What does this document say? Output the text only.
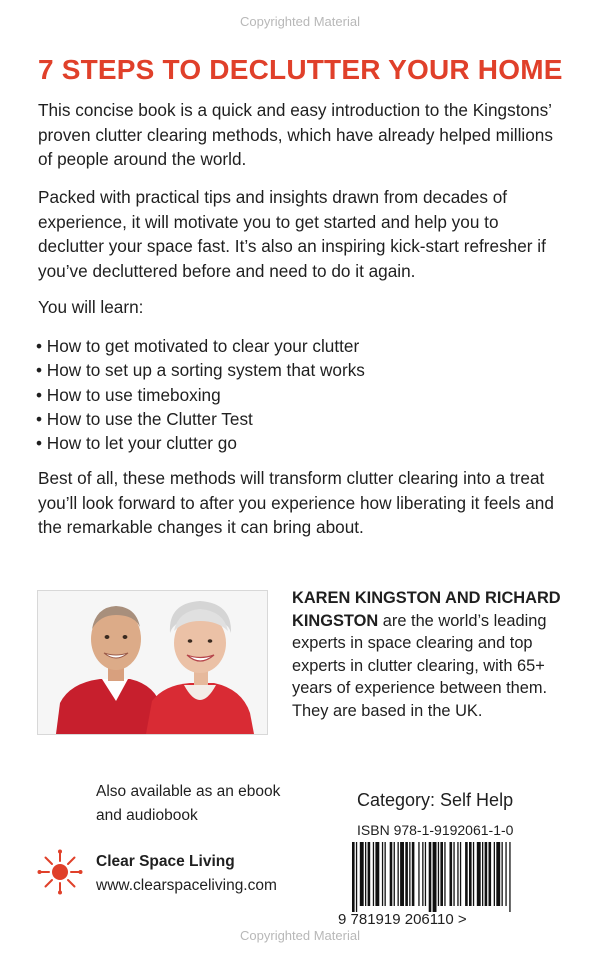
Copyrighted Material
7 STEPS TO DECLUTTER YOUR HOME

This concise book is a quick and easy introduction to the Kingstons’ proven clutter clearing methods, which have already helped millions of people around the world.

Packed with practical tips and insights drawn from decades of experience, it will motivate you to get started and help you to declutter your space fast. It’s also an inspiring kick-start refresher if you’ve decluttered before and need to do it again.

You will learn:

• How to get motivated to clear your clutter
• How to set up a sorting system that works
• How to use timeboxing
• How to use the Clutter Test
• How to let your clutter go

Best of all, these methods will transform clutter clearing into a treat you’ll look forward to after you experience how liberating it feels and the remarkable changes it can bring about.

KAREN KINGSTON AND RICHARD KINGSTON are the world’s leading experts in space clearing and top experts in clutter clearing, with 65+ years of experience between them. They are based in the UK.

Also available as an ebook and audiobook

Clear Space Living

www.clearspaceliving.com

Category: Self Help

ISBN 978-1-9192061-1-0

9 781919 206110 >
Copyrighted Material
